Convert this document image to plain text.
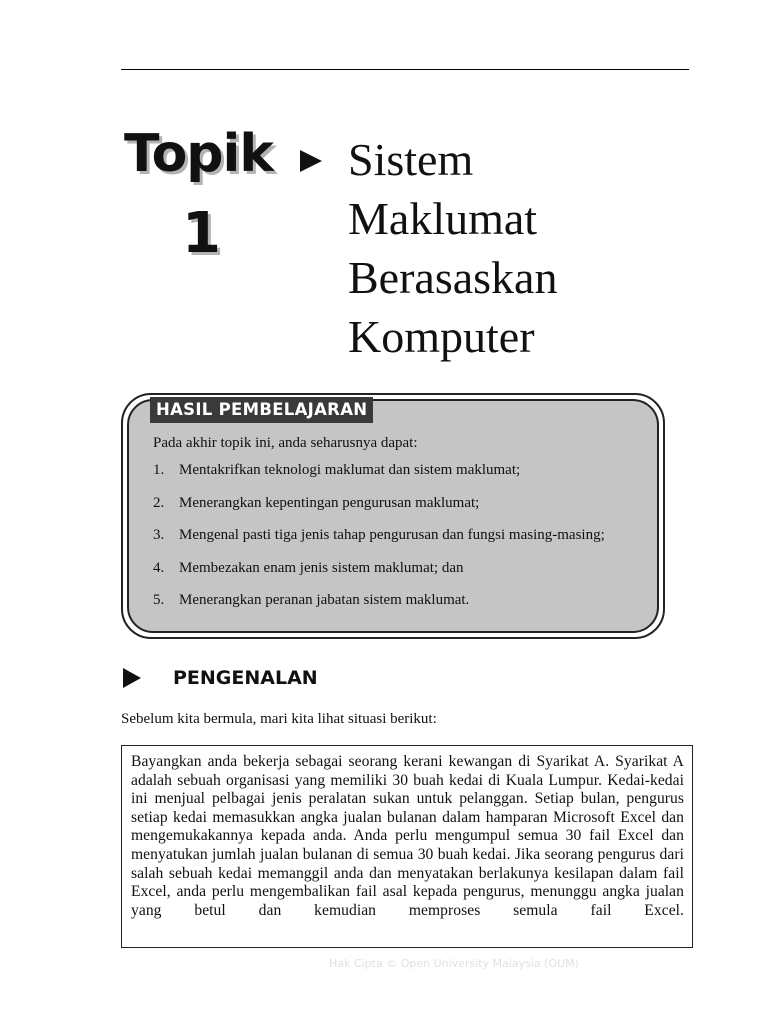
Topik
1
Sistem
Maklumat
Berasaskan
Komputer
HASIL PEMBELAJARAN
Pada akhir topik ini, anda seharusnya dapat:
1. Mentakrifkan teknologi maklumat dan sistem maklumat;
2. Menerangkan kepentingan pengurusan maklumat;
3. Mengenal pasti tiga jenis tahap pengurusan dan fungsi masing-masing;
4. Membezakan enam jenis sistem maklumat; dan
5. Menerangkan peranan jabatan sistem maklumat.
PENGENALAN
Sebelum kita bermula, mari kita lihat situasi berikut:
Bayangkan anda bekerja sebagai seorang kerani kewangan di Syarikat A. Syarikat A adalah sebuah organisasi yang memiliki 30 buah kedai di Kuala Lumpur. Kedai-kedai ini menjual pelbagai jenis peralatan sukan untuk pelanggan. Setiap bulan, pengurus setiap kedai memasukkan angka jualan bulanan dalam hamparan Microsoft Excel dan mengemukakannya kepada anda. Anda perlu mengumpul semua 30 fail Excel dan menyatukan jumlah jualan bulanan di semua 30 buah kedai. Jika seorang pengurus dari salah sebuah kedai memanggil anda dan menyatakan berlakunya kesilapan dalam fail Excel, anda perlu mengembalikan fail asal kepada pengurus, menunggu angka jualan yang betul dan kemudian memproses semula fail Excel.
Hak Cipta © Open University Malaysia (OUM)
